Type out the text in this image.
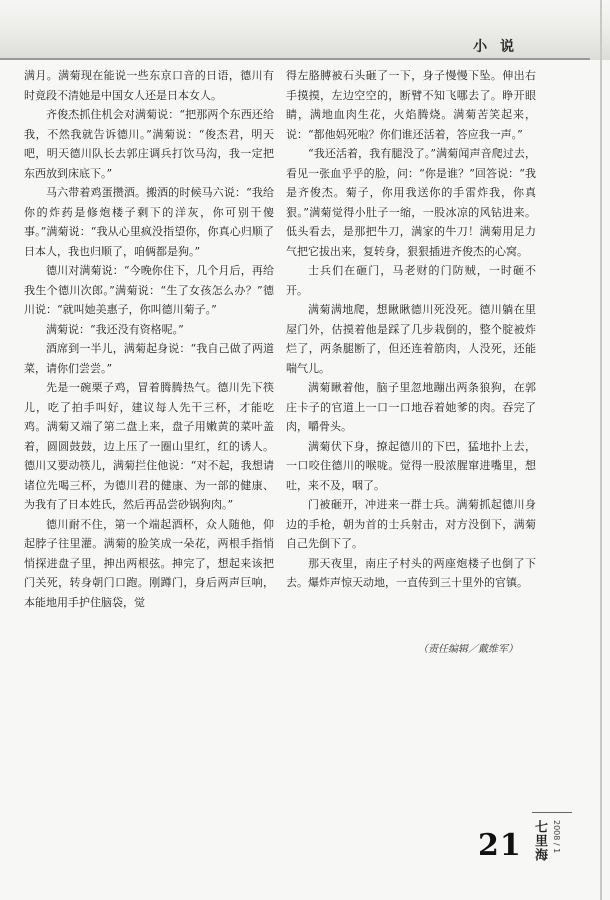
小 说

满月。满菊现在能说一些东京口音的日语，德川有时竟段不清她是中国女人还是日本女人。

齐俊杰抓住机会对满菊说：“把那两个东西还给我，不然我就告诉德川。”满菊说：“俊杰君，明天吧，明天德川队长去郭庄调兵打饮马沟，我一定把东西放到床底下。”

马六带着鸡蛋攒酒。搬酒的时候马六说：“我给你的炸药是修炮楼子剩下的洋灰，你可别干傻事。”满菊说：“我从心里疯没指望你，你真心归顺了日本人，我也归顺了，咱俩都是狗。”

德川对满菊说：“今晚你住下，几个月后，再给我生个德川次郎。”满菊说：“生了女孩怎么办？”德川说：“就叫她美惠子，你叫德川菊子。”

满菊说：“我还没有资格呢。”

酒席到一半儿，满菊起身说：“我自己做了两道菜，请你们尝尝。”

先是一碗栗子鸡，冒着腾腾热气。德川先下筷儿，吃了拍手叫好，建议每人先干三杯，才能吃鸡。满菊又端了第二盘上来，盘子用嫩黄的菜叶盖着，圆圆鼓鼓，边上压了一圈山里红，红的诱人。德川又要动筷儿，满菊拦住他说：“对不起，我想请诸位先喝三杯，为德川君的健康、为一部的健康、为我有了日本姓氏，然后再品尝砂锅狗肉。”

德川耐不住，第一个端起酒杯，众人随他，仰起脖子往里灌。满菊的脸笑成一朵花，两根手指悄悄探进盘子里，抻出两根弦。抻完了，想起来该把门关死，转身朝门口跑。刚蹲门，身后两声巨响，本能地用手护住脑袋，觉

得左胳膊被石头砸了一下，身子慢慢下坠。伸出右手摸摸，左边空空的，断臂不知飞哪去了。睁开眼睛，满地血肉生花，火焰腾烧。满菊苦笑起来，说：“都他妈死啦？你们谁还活着，答应我一声。”

“我还活着，我有腿没了。”满菊闻声音爬过去，看见一张血乎乎的脸，问：“你是谁？”回答说：“我是齐俊杰。菊子，你用我送你的手雷炸我，你真狠。”满菊觉得小肚子一缩，一股冰凉的风钻进来。低头看去，是那把牛刀，满家的牛刀！满菊用足力气把它拔出来，复转身，狠狠插进齐俊杰的心窝。

士兵们在砸门，马老财的门防贼，一时砸不开。

满菊满地爬，想瞅瞅德川死没死。德川躺在里屋门外，估摸着他是踩了几步栽倒的，整个腚被炸烂了，两条腿断了，但还连着筋肉，人没死，还能喘气儿。

满菊瞅着他，脑子里忽地蹦出两条狼狗，在郭庄卡子的官道上一口一口地吞着她爹的肉。吞完了肉，嚼骨头。

满菊伏下身，撩起德川的下巴，猛地扑上去，一口咬住德川的喉咙。觉得一股浓腥窜进嘴里，想吐，来不及，咽了。

门被砸开，冲进来一群士兵。满菊抓起德川身边的手枪，朝为首的士兵射击，对方没倒下，满菊自己先倒下了。

那天夜里，南庄子村头的两座炮楼子也倒了下去。爆炸声惊天动地，一直传到三十里外的官镇。

（责任编辑／戴维军）
七里海 2008 / 1
21
